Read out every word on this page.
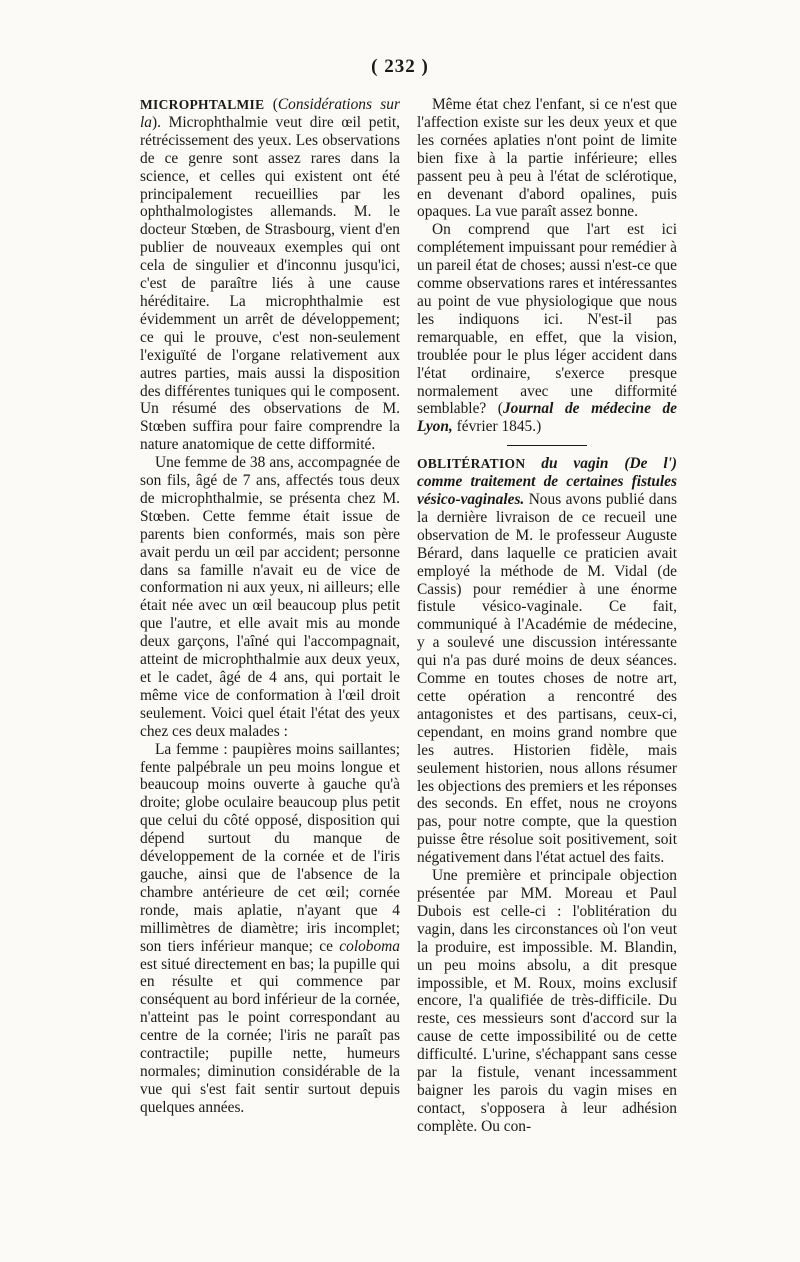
( 232 )

MICROPHTALMIE (Considérations sur la). Microphthalmie veut dire œil petit, rétrécissement des yeux. Les observations de ce genre sont assez rares dans la science, et celles qui existent ont été principalement recueillies par les ophthalmologistes allemands. M. le docteur Stœben, de Strasbourg, vient d'en publier de nouveaux exemples qui ont cela de singulier et d'inconnu jusqu'ici, c'est de paraître liés à une cause héréditaire. La microphthalmie est évidemment un arrêt de développement; ce qui le prouve, c'est non-seulement l'exiguïté de l'organe relativement aux autres parties, mais aussi la disposition des différentes tuniques qui le composent. Un résumé des observations de M. Stœben suffira pour faire comprendre la nature anatomique de cette difformité.

Une femme de 38 ans, accompagnée de son fils, âgé de 7 ans, affectés tous deux de microphthalmie, se présenta chez M. Stœben. Cette femme était issue de parents bien conformés, mais son père avait perdu un œil par accident; personne dans sa famille n'avait eu de vice de conformation ni aux yeux, ni ailleurs; elle était née avec un œil beaucoup plus petit que l'autre, et elle avait mis au monde deux garçons, l'aîné qui l'accompagnait, atteint de microphthalmie aux deux yeux, et le cadet, âgé de 4 ans, qui portait le même vice de conformation à l'œil droit seulement. Voici quel était l'état des yeux chez ces deux malades :

La femme : paupières moins saillantes; fente palpébrale un peu moins longue et beaucoup moins ouverte à gauche qu'à droite; globe oculaire beaucoup plus petit que celui du côté opposé, disposition qui dépend surtout du manque de développement de la cornée et de l'iris gauche, ainsi que de l'absence de la chambre antérieure de cet œil; cornée ronde, mais aplatie, n'ayant que 4 millimètres de diamètre; iris incomplet; son tiers inférieur manque; ce coloboma est situé directement en bas; la pupille qui en résulte et qui commence par conséquent au bord inférieur de la cornée, n'atteint pas le point correspondant au centre de la cornée; l'iris ne paraît pas contractile; pupille nette, humeurs normales; diminution considérable de la vue qui s'est fait sentir surtout depuis quelques années.

Même état chez l'enfant, si ce n'est que l'affection existe sur les deux yeux et que les cornées aplaties n'ont point de limite bien fixe à la partie inférieure; elles passent peu à peu à l'état de sclérotique, en devenant d'abord opalines, puis opaques. La vue paraît assez bonne.

On comprend que l'art est ici complétement impuissant pour remédier à un pareil état de choses; aussi n'est-ce que comme observations rares et intéressantes au point de vue physiologique que nous les indiquons ici. N'est-il pas remarquable, en effet, que la vision, troublée pour le plus léger accident dans l'état ordinaire, s'exerce presque normalement avec une difformité semblable? (Journal de médecine de Lyon, février 1845.)

OBLITÉRATION du vagin (De l') comme traitement de certaines fistules vésico-vaginales. Nous avons publié dans la dernière livraison de ce recueil une observation de M. le professeur Auguste Bérard, dans laquelle ce praticien avait employé la méthode de M. Vidal (de Cassis) pour remédier à une énorme fistule vésico-vaginale. Ce fait, communiqué à l'Académie de médecine, y a soulevé une discussion intéressante qui n'a pas duré moins de deux séances. Comme en toutes choses de notre art, cette opération a rencontré des antagonistes et des partisans, ceux-ci, cependant, en moins grand nombre que les autres. Historien fidèle, mais seulement historien, nous allons résumer les objections des premiers et les réponses des seconds. En effet, nous ne croyons pas, pour notre compte, que la question puisse être résolue soit positivement, soit négativement dans l'état actuel des faits.

Une première et principale objection présentée par MM. Moreau et Paul Dubois est celle-ci : l'oblitération du vagin, dans les circonstances où l'on veut la produire, est impossible. M. Blandin, un peu moins absolu, a dit presque impossible, et M. Roux, moins exclusif encore, l'a qualifiée de très-difficile. Du reste, ces messieurs sont d'accord sur la cause de cette impossibilité ou de cette difficulté. L'urine, s'échappant sans cesse par la fistule, venant incessamment baigner les parois du vagin mises en contact, s'opposera à leur adhésion complète. Ou con-
